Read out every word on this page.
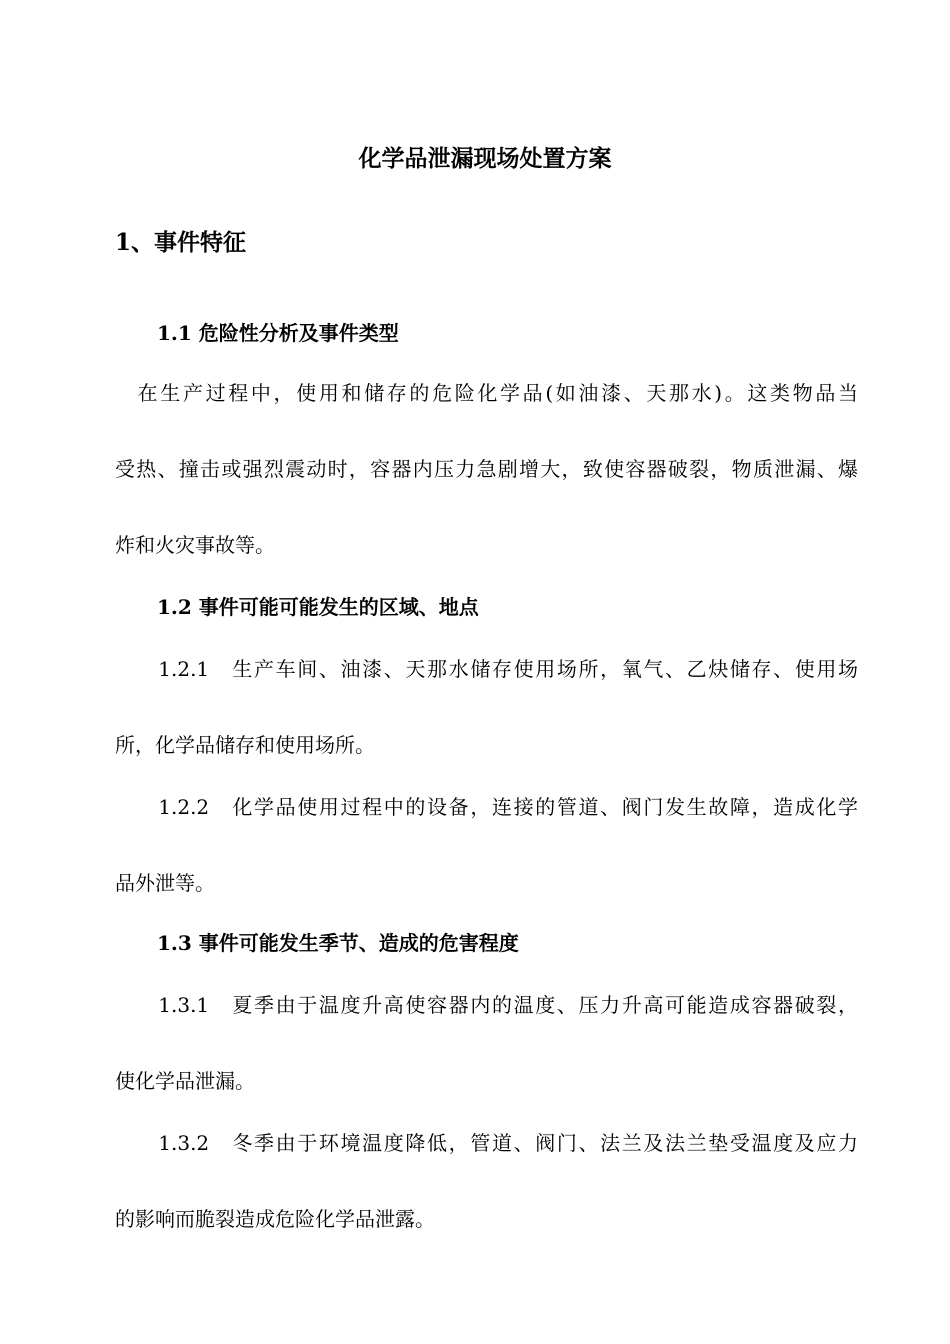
化学品泄漏现场处置方案
1、事件特征
1.1 危险性分析及事件类型
　在生产过程中，使用和储存的危险化学品(如油漆、天那水)。这类物品当
受热、撞击或强烈震动时，容器内压力急剧增大，致使容器破裂，物质泄漏、爆
炸和火灾事故等。
1.2 事件可能可能发生的区域、地点
　　1.2.1　生产车间、油漆、天那水储存使用场所，氧气、乙炔储存、使用场
所，化学品储存和使用场所。
　　1.2.2　化学品使用过程中的设备，连接的管道、阀门发生故障，造成化学
品外泄等。
1.3 事件可能发生季节、造成的危害程度
　　1.3.1　夏季由于温度升高使容器内的温度、压力升高可能造成容器破裂，
使化学品泄漏。
　　1.3.2　冬季由于环境温度降低，管道、阀门、法兰及法兰垫受温度及应力
的影响而脆裂造成危险化学品泄露。
